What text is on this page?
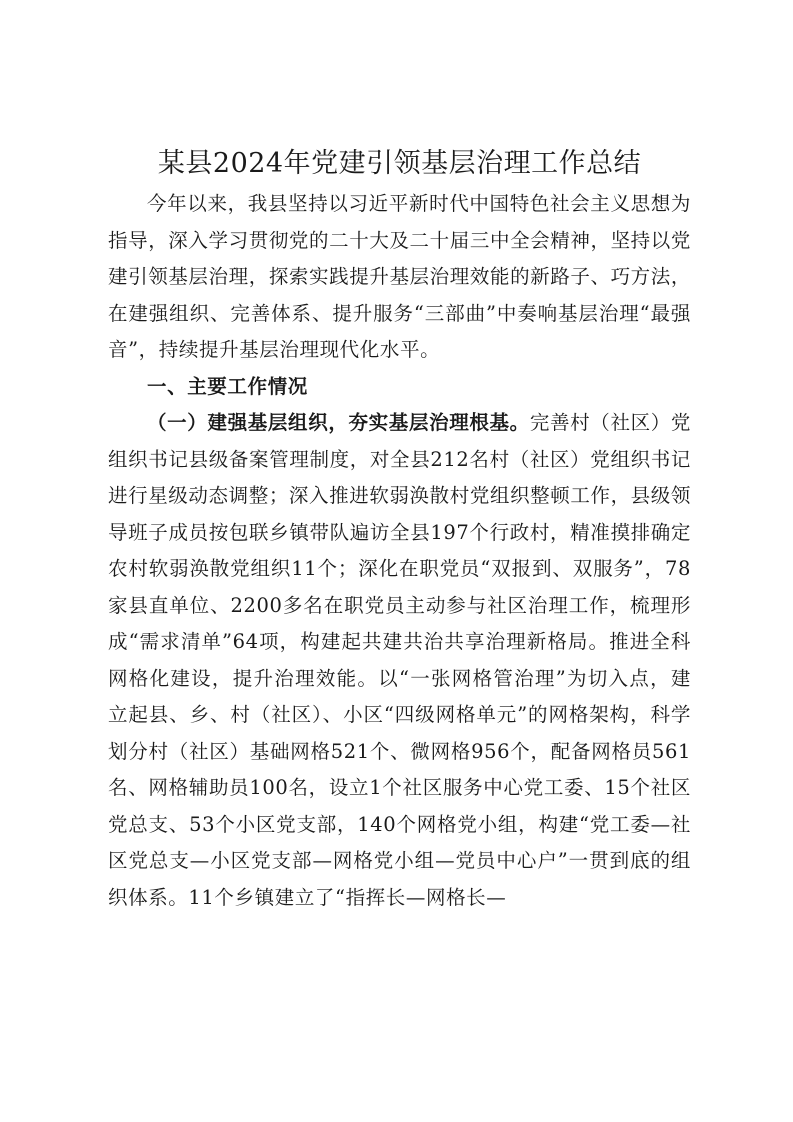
某县2024年党建引领基层治理工作总结

今年以来，我县坚持以习近平新时代中国特色社会主义思想为指导，深入学习贯彻党的二十大及二十届三中全会精神，坚持以党建引领基层治理，探索实践提升基层治理效能的新路子、巧方法，在建强组织、完善体系、提升服务“三部曲”中奏响基层治理“最强音”，持续提升基层治理现代化水平。

一、主要工作情况

（一）建强基层组织，夯实基层治理根基。完善村（社区）党组织书记县级备案管理制度，对全县212名村（社区）党组织书记进行星级动态调整；深入推进软弱涣散村党组织整顿工作，县级领导班子成员按包联乡镇带队遍访全县197个行政村，精准摸排确定农村软弱涣散党组织11个；深化在职党员“双报到、双服务”，78家县直单位、2200多名在职党员主动参与社区治理工作，梳理形成“需求清单”64项，构建起共建共治共享治理新格局。推进全科网格化建设，提升治理效能。以“一张网格管治理”为切入点，建立起县、乡、村（社区）、小区“四级网格单元”的网格架构，科学划分村（社区）基础网格521个、微网格956个，配备网格员561名、网格辅助员100名，设立1个社区服务中心党工委、15个社区党总支、53个小区党支部，140个网格党小组，构建“党工委—社区党总支—小区党支部—网格党小组—党员中心户”一贯到底的组织体系。11个乡镇建立了“指挥长—网格长—
